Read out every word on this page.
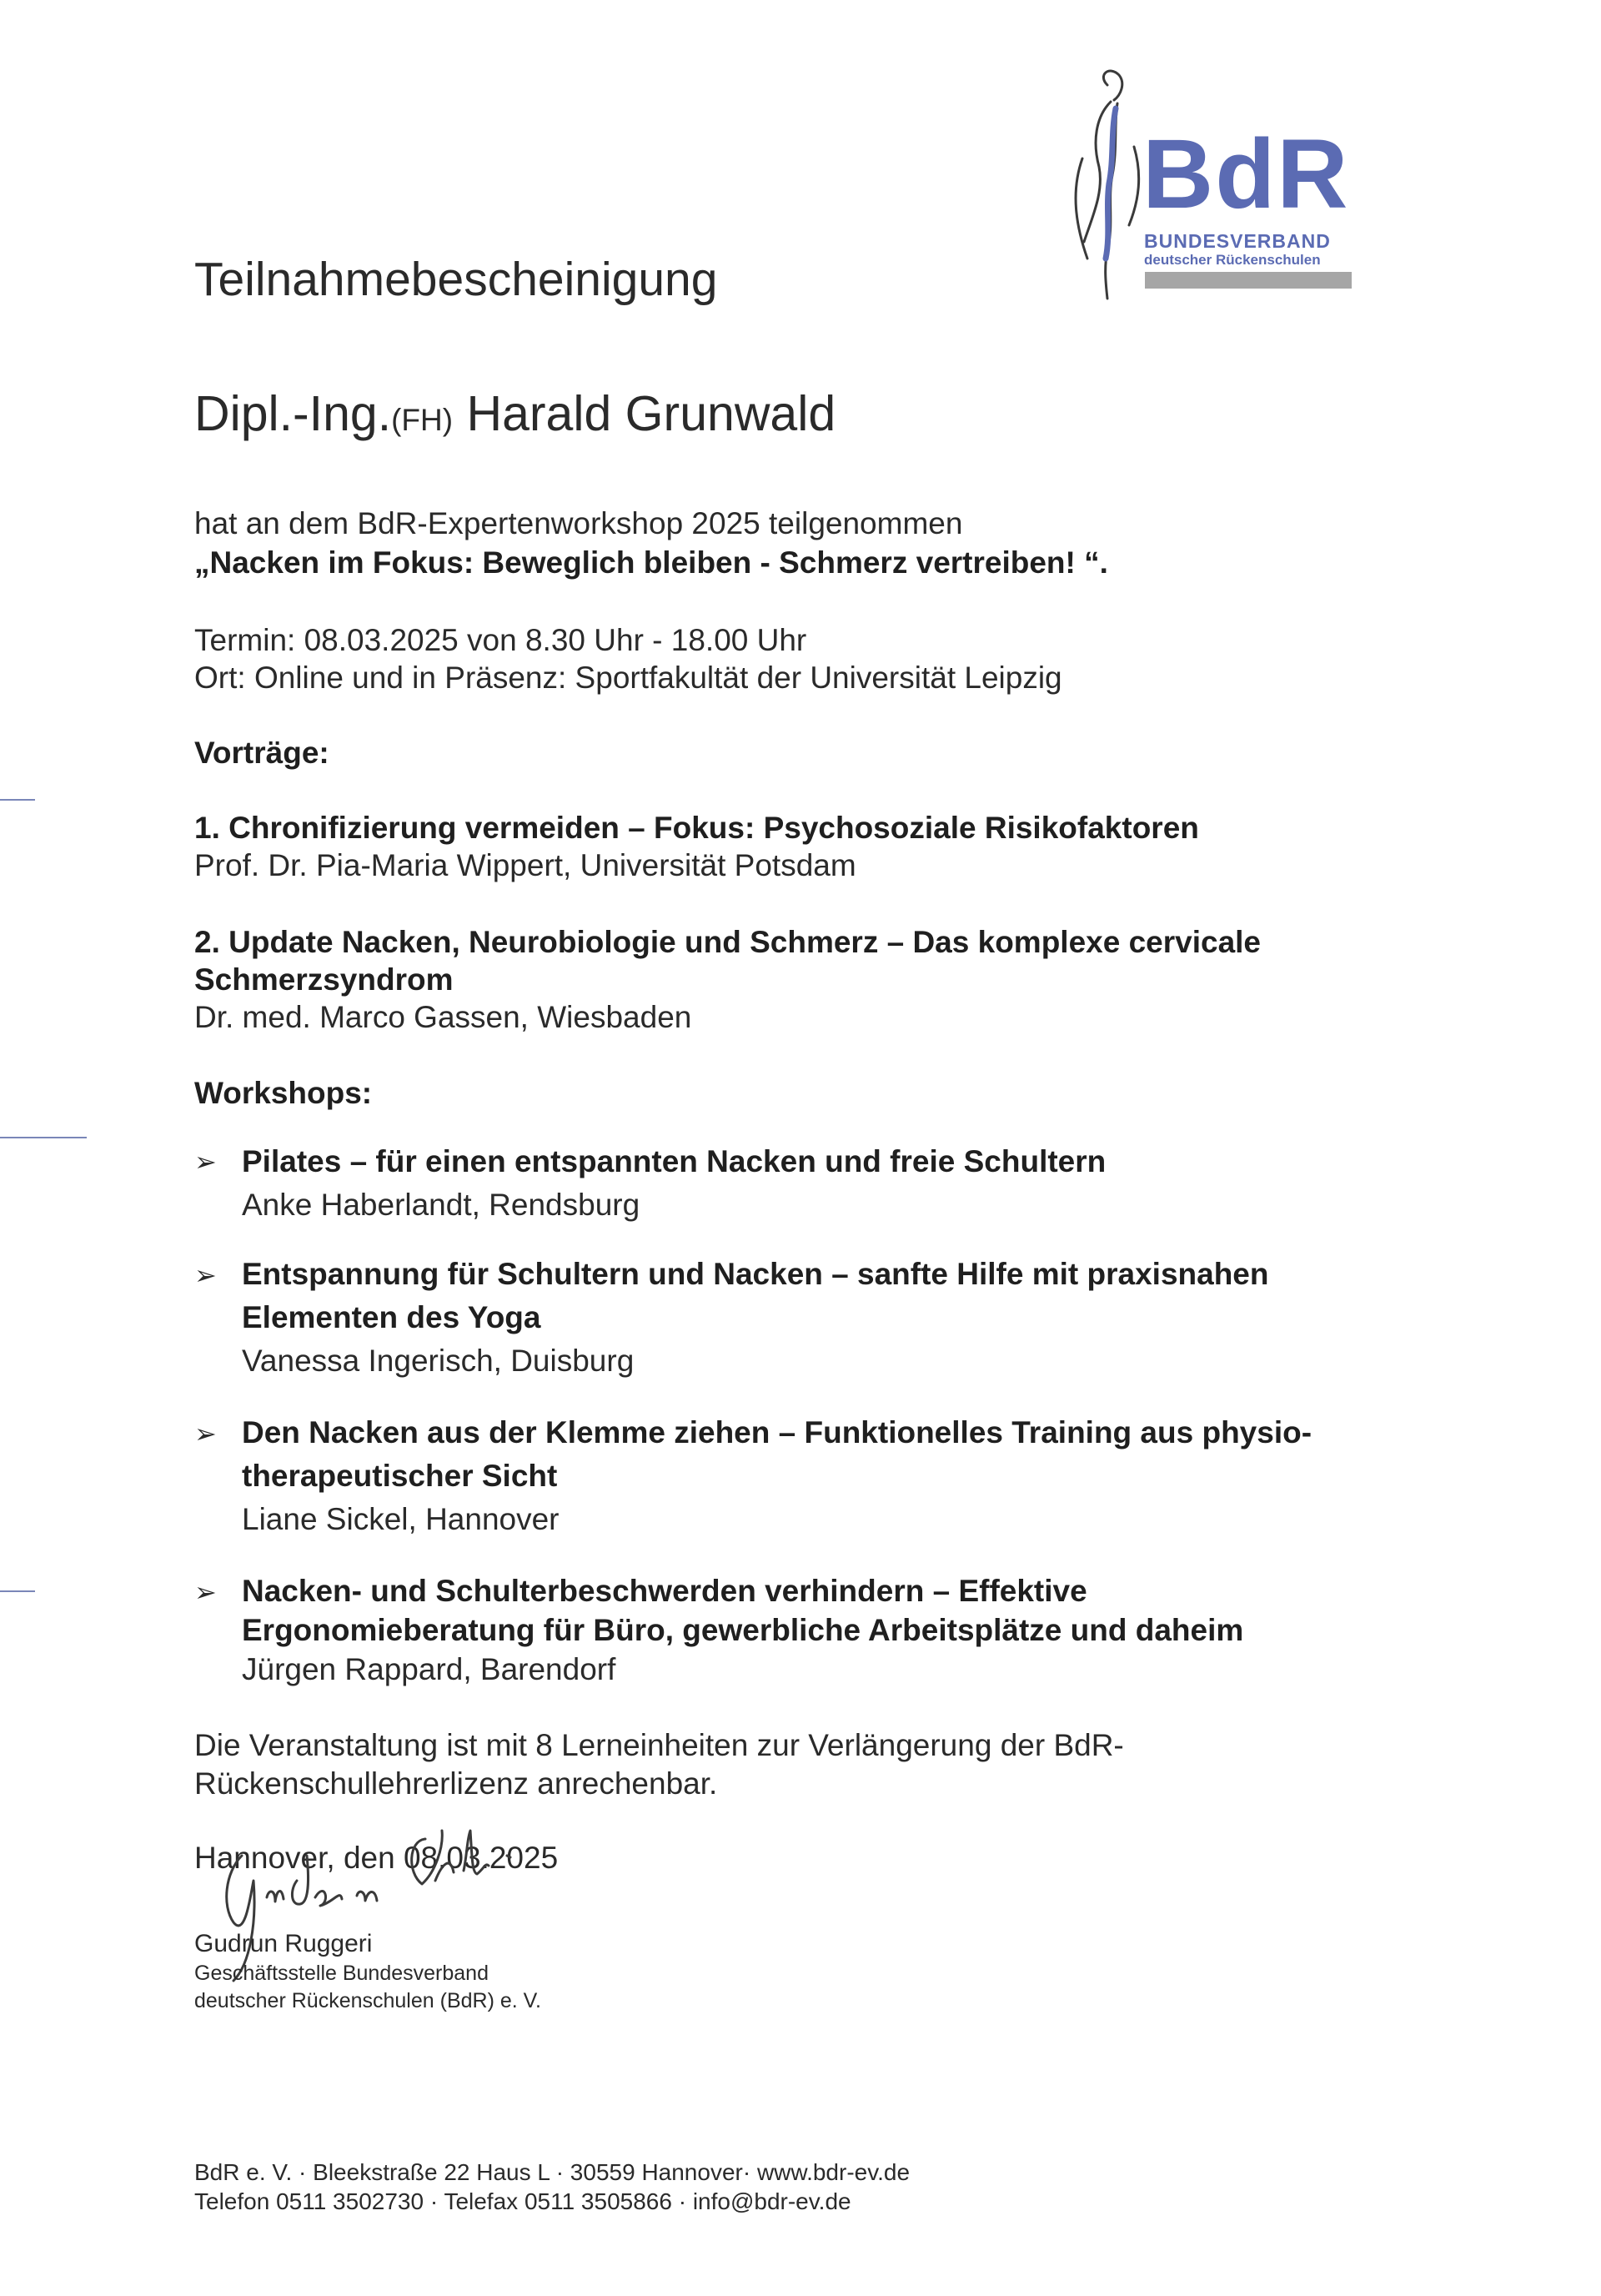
BdR
BUNDESVERBAND
deutscher Rückenschulen
Teilnahmebescheinigung
Dipl.-Ing.(FH) Harald Grunwald
hat an dem BdR-Expertenworkshop 2025 teilgenommen
„Nacken im Fokus: Beweglich bleiben - Schmerz vertreiben! “.
Termin: 08.03.2025 von 8.30 Uhr - 18.00 Uhr
Ort: Online und in Präsenz: Sportfakultät der Universität Leipzig
Vorträge:
1. Chronifizierung vermeiden – Fokus: Psychosoziale Risikofaktoren
Prof. Dr. Pia-Maria Wippert, Universität Potsdam
2. Update Nacken, Neurobiologie und Schmerz – Das komplexe cervicale
Schmerzsyndrom
Dr. med. Marco Gassen, Wiesbaden
Workshops:
➢ Pilates – für einen entspannten Nacken und freie Schultern
Anke Haberlandt, Rendsburg
➢ Entspannung für Schultern und Nacken – sanfte Hilfe mit praxisnahen
Elementen des Yoga
Vanessa Ingerisch, Duisburg
➢ Den Nacken aus der Klemme ziehen – Funktionelles Training aus physio-
therapeutischer Sicht
Liane Sickel, Hannover
➢ Nacken- und Schulterbeschwerden verhindern – Effektive
Ergonomieberatung für Büro, gewerbliche Arbeitsplätze und daheim
Jürgen Rappard, Barendorf
Die Veranstaltung ist mit 8 Lerneinheiten zur Verlängerung der BdR-
Rückenschullehrerlizenz anrechenbar.
Hannover, den 08.03.2025
Gudrun Ruggeri
Geschäftsstelle Bundesverband
deutscher Rückenschulen (BdR) e. V.
BdR e. V. · Bleekstraße 22 Haus L · 30559 Hannover· www.bdr-ev.de
Telefon 0511 3502730 · Telefax 0511 3505866 · info@bdr-ev.de
